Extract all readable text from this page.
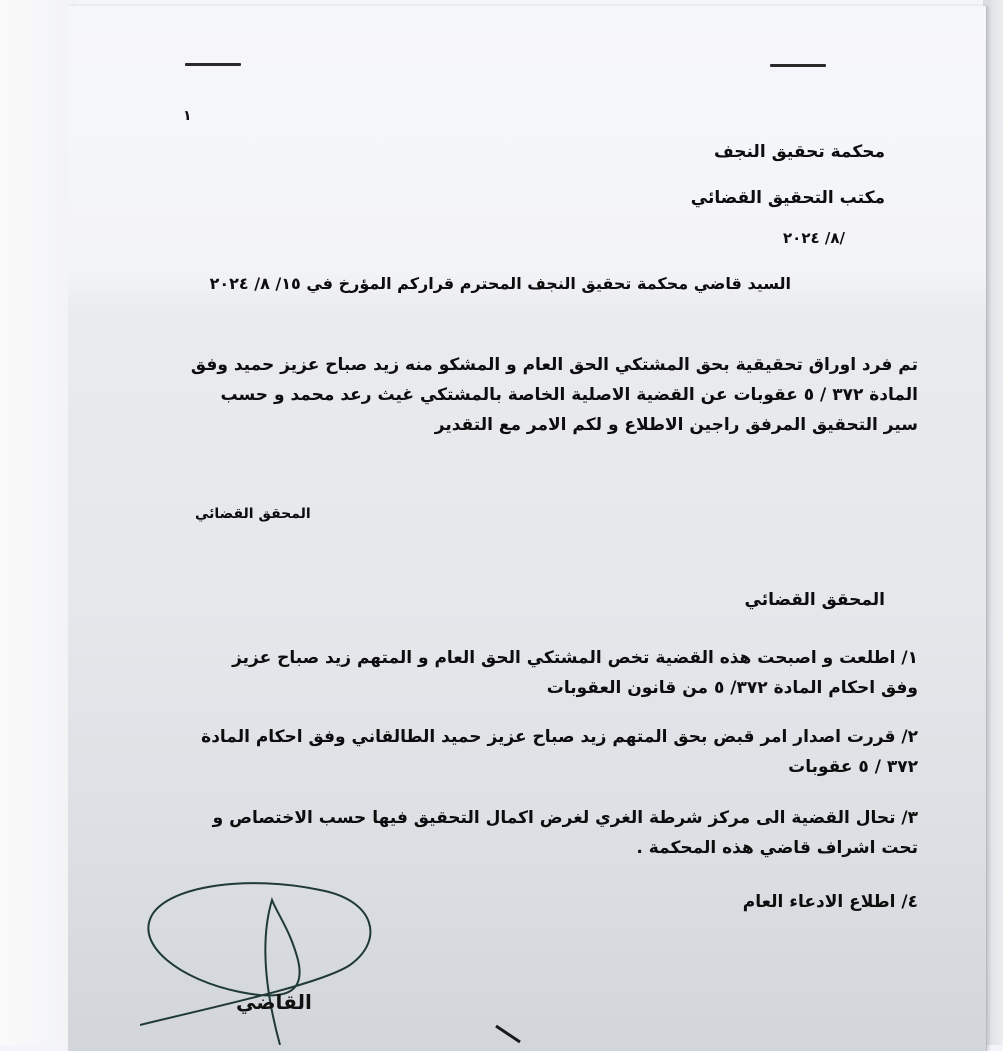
١
محكمة تحقيق النجف
مكتب التحقيق القضائي
/٨/ ٢٠٢٤
السيد قاضي محكمة تحقيق النجف المحترم قراركم المؤرخ في ١٥/ ٨/ ٢٠٢٤

تم فرد اوراق تحقيقية بحق المشتكي الحق العام و المشكو منه زيد صباح عزيز حميد وفق

المادة ٣٧٢ / ٥ عقوبات عن القضية الاصلية الخاصة بالمشتكي غيث رعد محمد و حسب

سير التحقيق المرفق راجين الاطلاع و لكم الامر مع التقدير

المحقق القضائي
المحقق القضائي

١/ اطلعت و اصبحت هذه القضية تخص المشتكي الحق العام و المتهم زيد صباح عزيز

وفق احكام المادة ٣٧٢/ ٥ من قانون العقوبات

٢/ قررت اصدار امر قبض بحق المتهم زيد صباح عزيز حميد الطالقاني وفق احكام المادة

٣٧٢ / ٥ عقوبات

٣/ تحال القضية الى مركز شرطة الغري لغرض اكمال التحقيق فيها حسب الاختصاص و

تحت اشراف قاضي هذه المحكمة .

٤/ اطلاع الادعاء العام

القاضي
